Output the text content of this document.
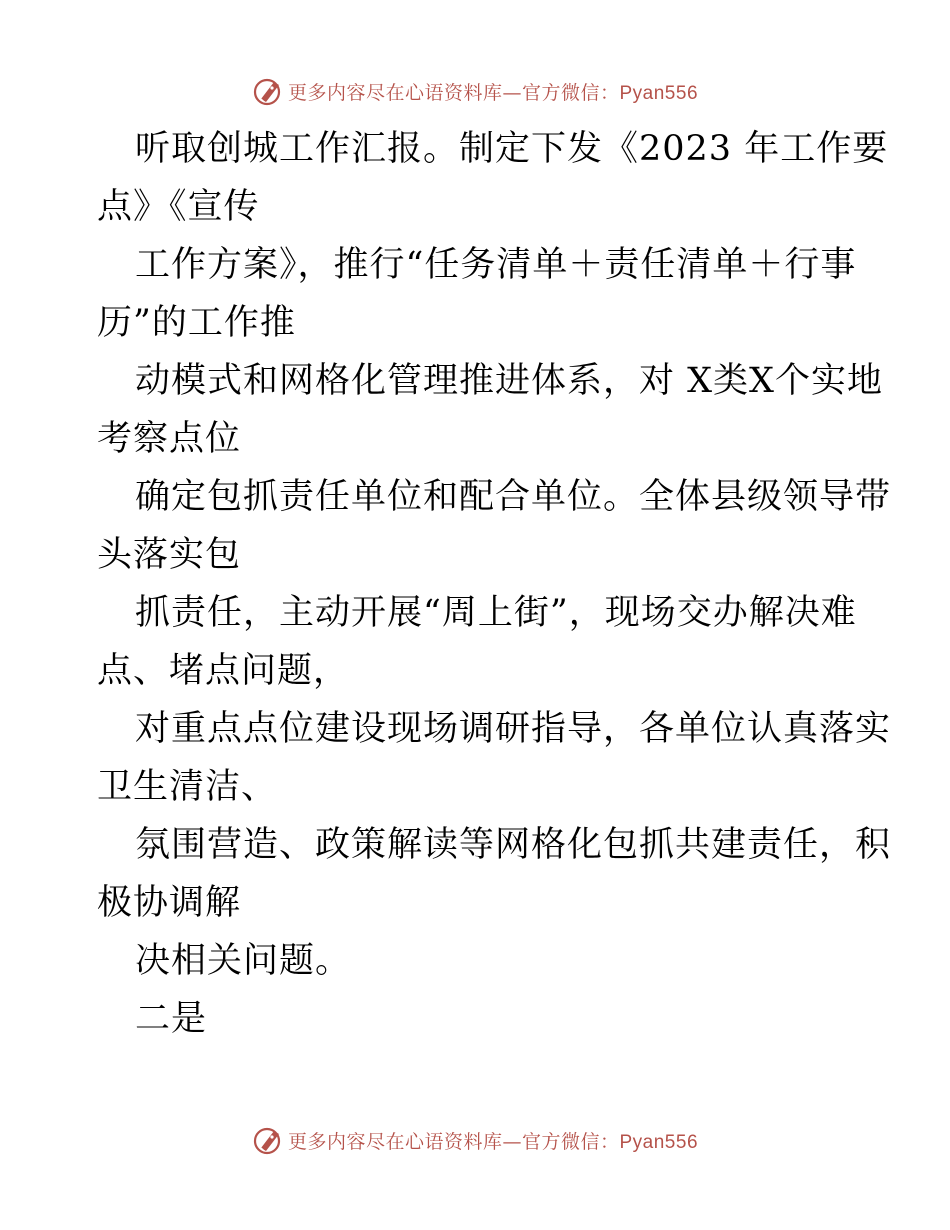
更多内容尽在心语资料库—官方微信：Pyan556
听取创城工作汇报。制定下发《2023 年工作要
点》《宣传
工作方案》，推行“任务清单＋责任清单＋行事
历”的工作推
动模式和网格化管理推进体系，对 X类X个实地
考察点位
确定包抓责任单位和配合单位。全体县级领导带
头落实包
抓责任，主动开展“周上街”，现场交办解决难
点、堵点问题，
对重点点位建设现场调研指导，各单位认真落实
卫生清洁、
氛围营造、政策解读等网格化包抓共建责任，积
极协调解
决相关问题。
二是
更多内容尽在心语资料库—官方微信：Pyan556
